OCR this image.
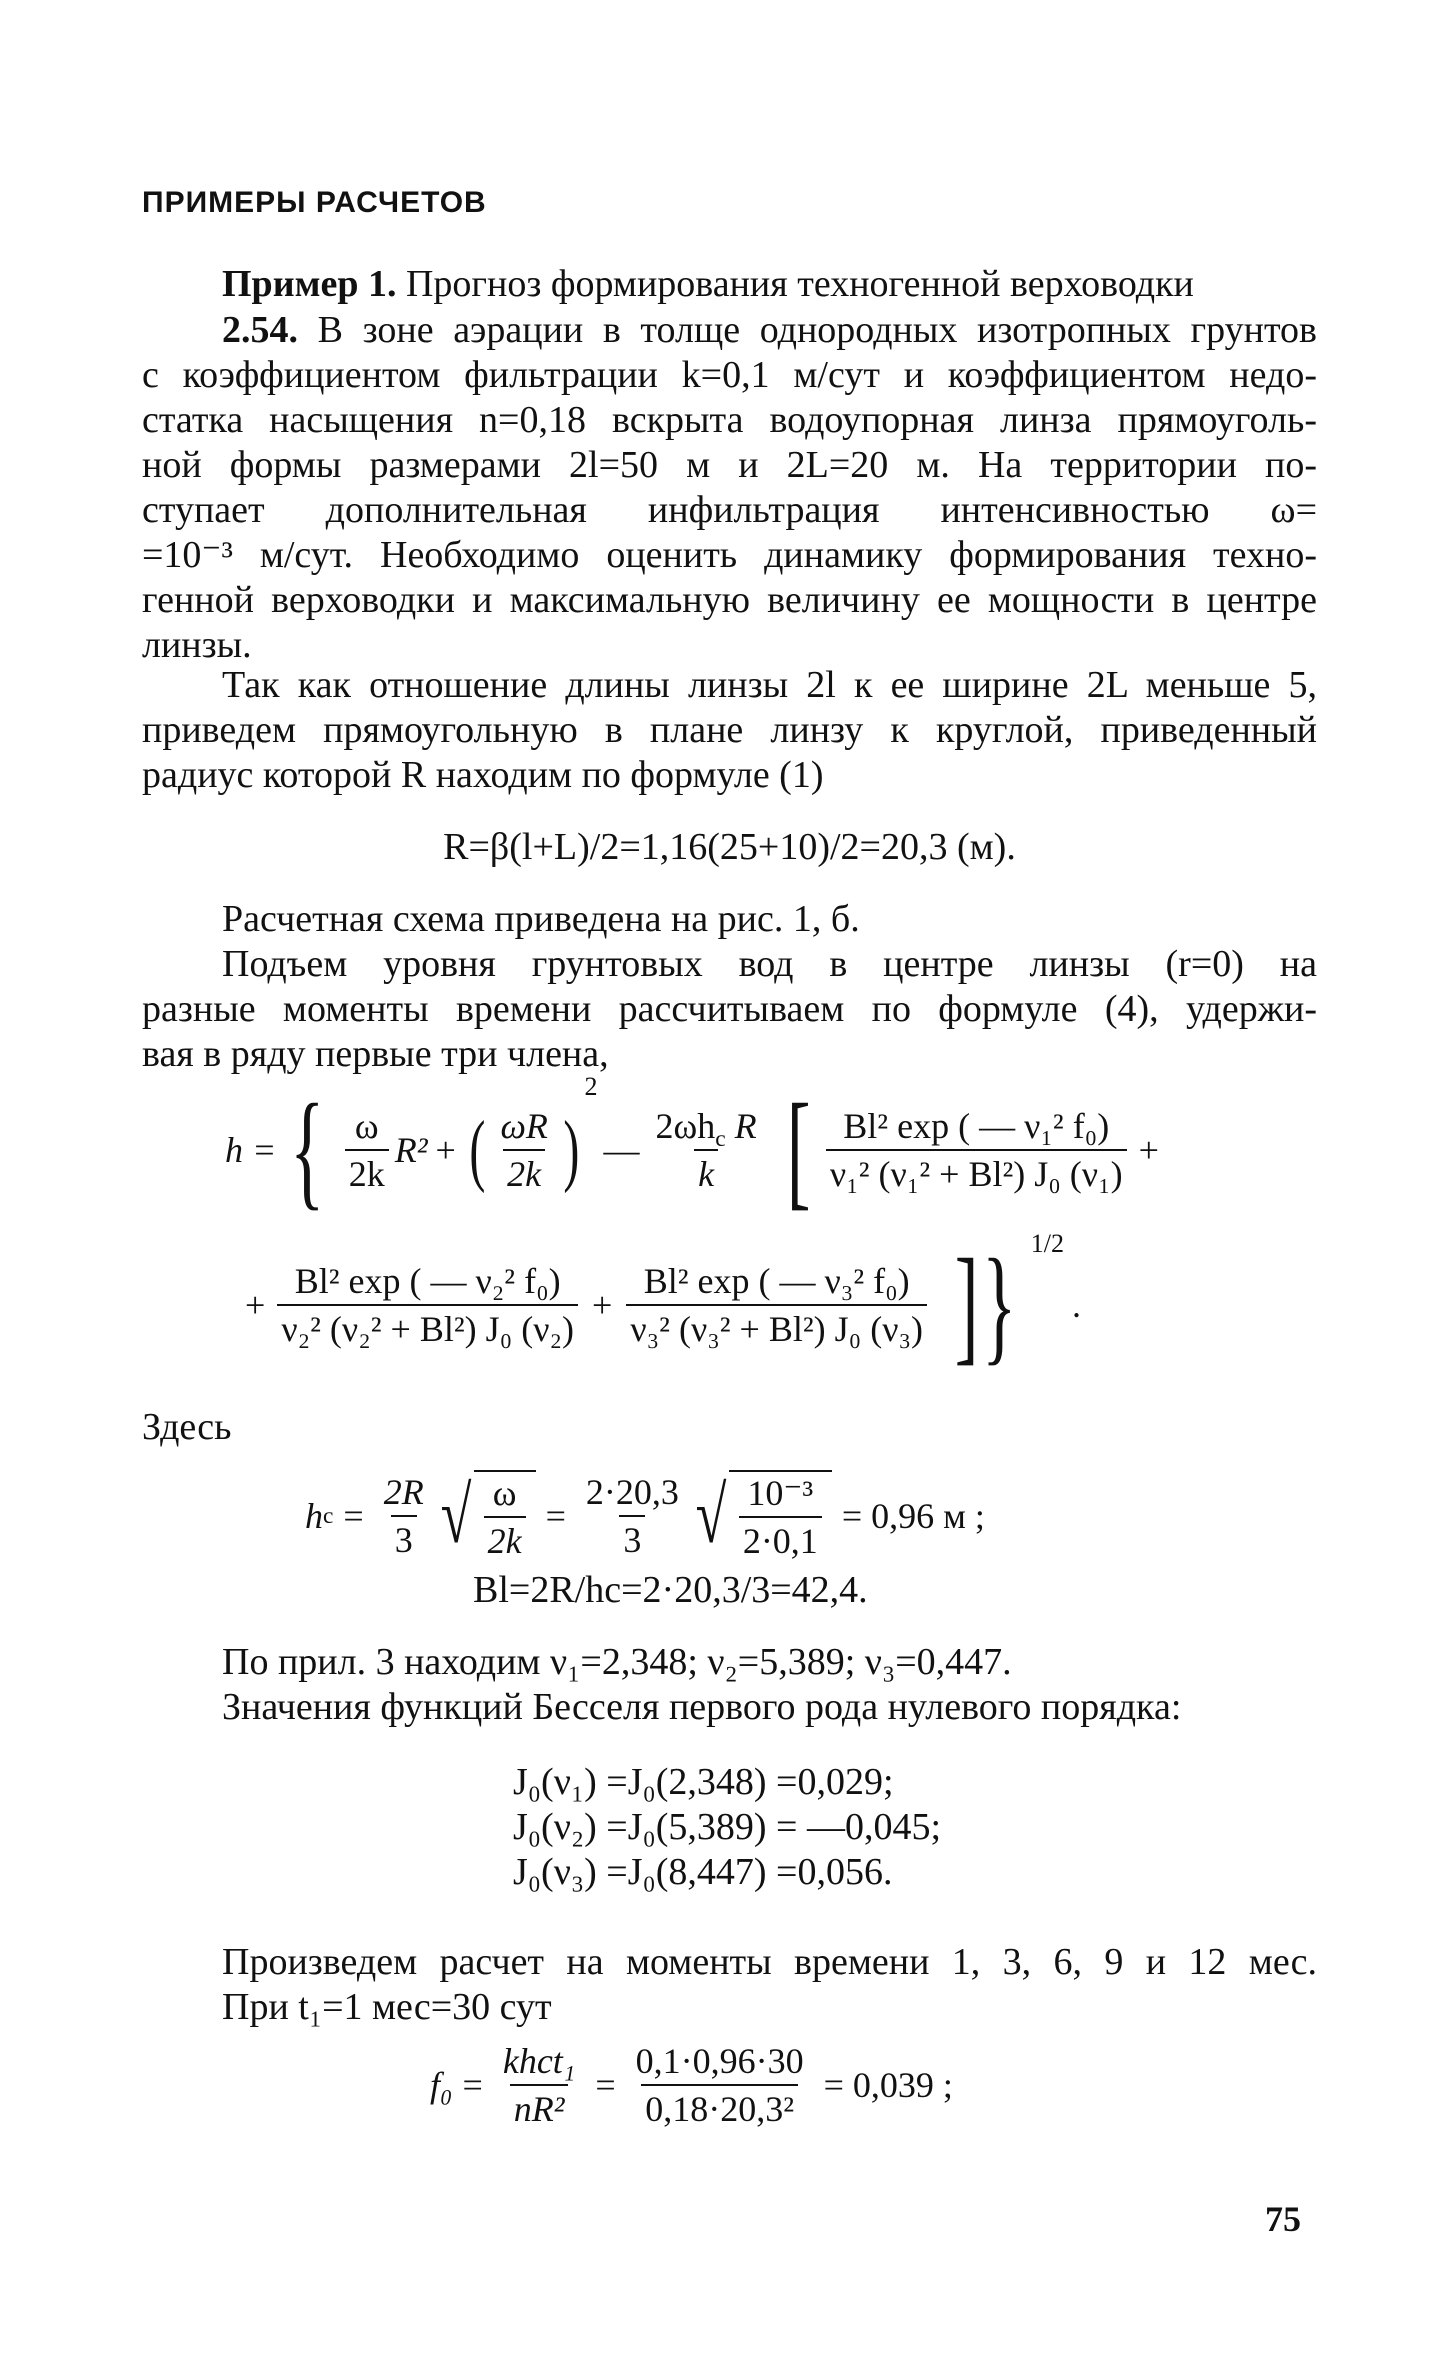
ПРИМЕРЫ РАСЧЕТОВ
Пример 1. Прогноз формирования техногенной верховодки
2.54. В зоне аэрации в толще однородных изотропных грунтов
с коэффициентом фильтрации k=0,1 м/сут и коэффициентом недо-
статка насыщения n=0,18 вскрыта водоупорная линза прямоуголь-
ной формы размерами 2l=50 м и 2L=20 м. На территории по-
ступает дополнительная инфильтрация интенсивностью ω=
=10⁻³ м/сут. Необходимо оценить динамику формирования техно-
генной верховодки и максимальную величину ее мощности в центре
линзы.
Так как отношение длины линзы 2l к ее ширине 2L меньше 5,
приведем прямоугольную в плане линзу к круглой, приведенный
радиус которой R находим по формуле (1)
R=β(l+L)/2=1,16(25+10)/2=20,3 (м).
Расчетная схема приведена на рис. 1, б.
Подъем уровня грунтовых вод в центре линзы (r=0) на
разные моменты времени рассчитываем по формуле (4), удержи-
вая в ряду первые три члена,
h = { $\frac{\omega}{2k} R^2$ + ( $\frac{\omega R}{2k}$ )
2
— $\frac{2\omega h_c R}{k}$ [ $\frac{\text{Bl² exp ( — ν₁² f₀)}}{\text{ν₁² (ν₁² + Bl²) J₀ (ν₁)}}$ +
+ $\frac{\text{Bl² exp ( — ν₂² f₀)}}{\text{ν₂² (ν₂² + Bl²) J₀ (ν₂)}} + \frac{\text{Bl² exp ( — ν₃² f₀)}}{\text{ν₃² (ν₃² + Bl²) J₀ (ν₃)}}$ ] } 1/2
.
Здесь
h $c = \frac{2R}{3}$ √ $\frac{\omega}{2k} = \frac{2\cdot 20,3}{3}$ √ $\frac{\text{10⁻³}}{2\cdot 0,1} = 0,96$ м ;
Bl=2R/hc=2·20,3/3=42,4.
По прил. 3 находим ν₁=2,348; ν₂=5,389; ν₃=0,447.
Значения функций Бесселя первого рода нулевого порядка:
J₀(ν₁) =J₀(2,348) =0,029;
J₀(ν₂) =J₀(5,389) = —0,045;
J₀(ν₃) =J₀(8,447) =0,056.
Произведем расчет на моменты времени 1, 3, 6, 9 и 12 мес.
При t₁=1 мес=30 сут
$f_0 = \frac{\text{khct₁}}{\text{nR²}} = \frac{0,1\cdot 0,96\cdot 30}{\text{0,18·20,3²}} = 0,039$ ;
75
